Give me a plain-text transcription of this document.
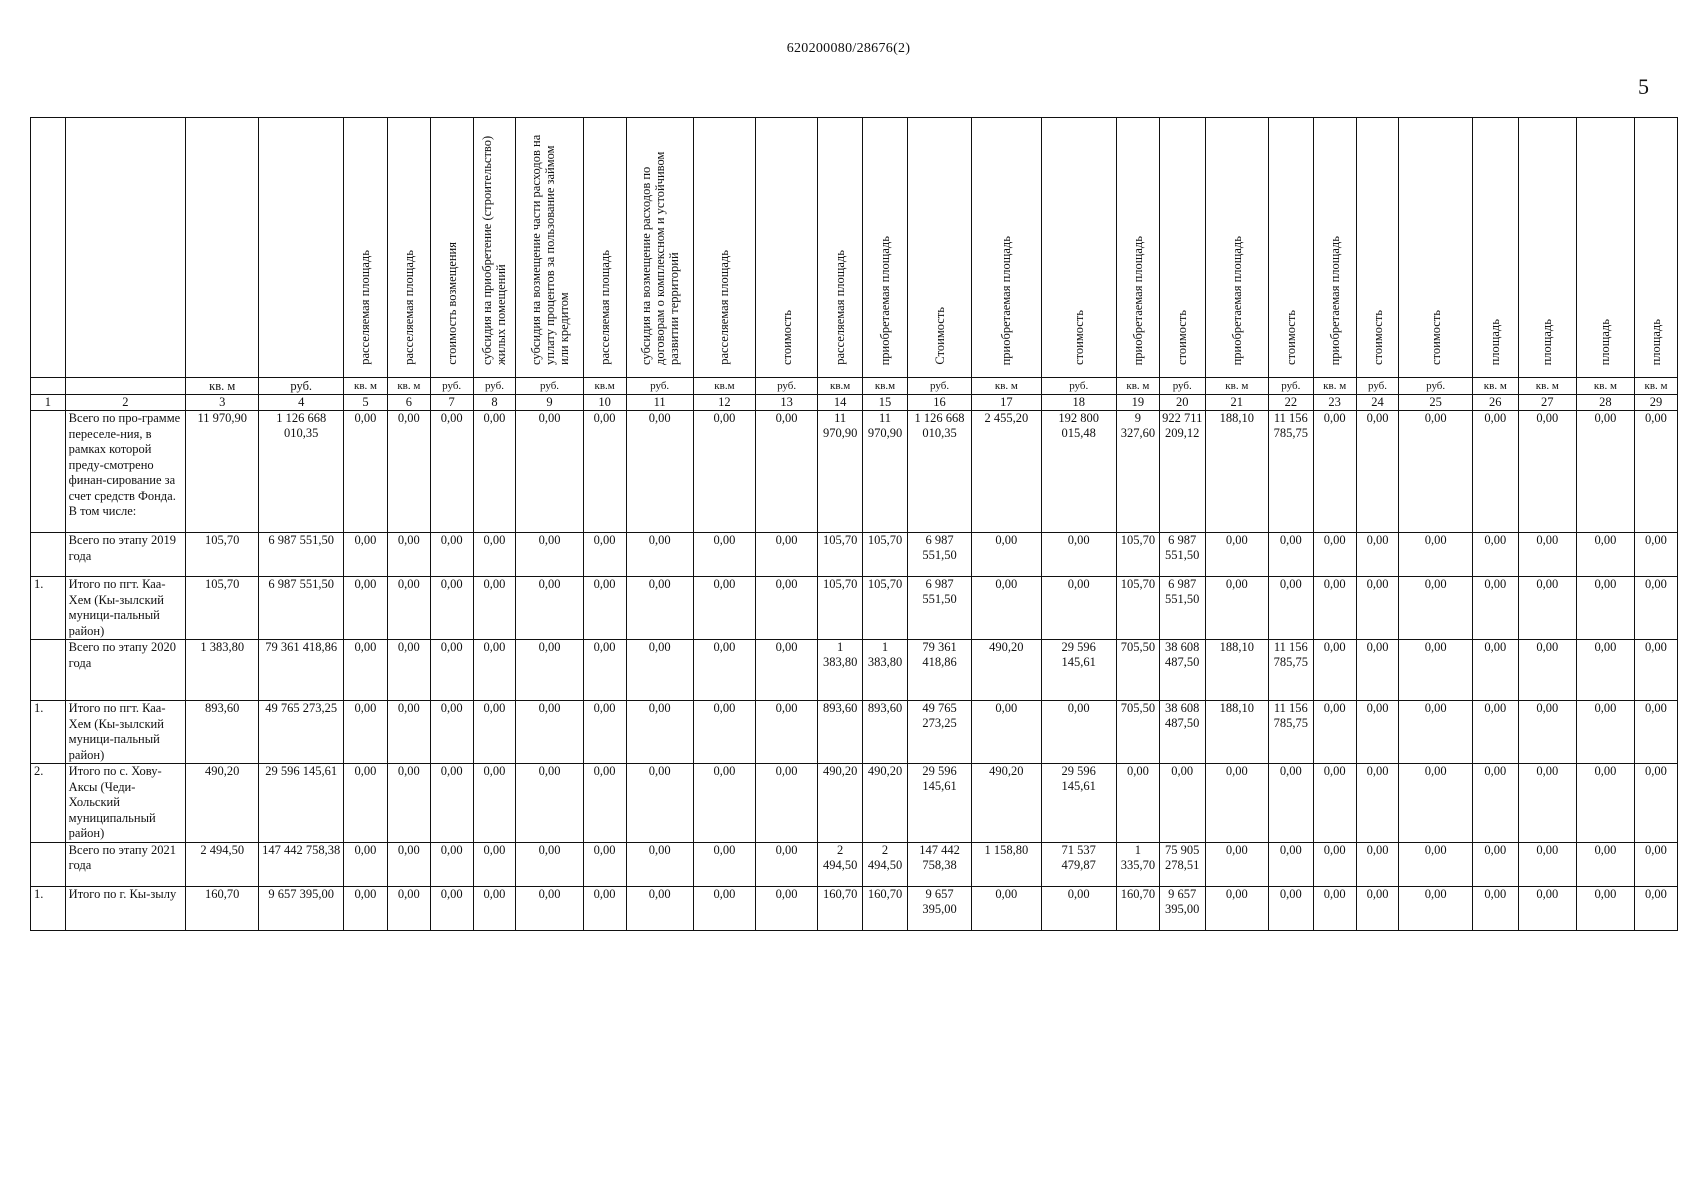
620200080/28676(2)
5
				расселяемая площадь	расселяемая площадь	стоимость возмещения	субсидия на приобретение (строительство) жилых помещений	субсидия на возмещение части расходов на уплату процентов за пользование займом или кредитом	расселяемая площадь	субсидия на возмещение расходов по договорам о комплексном и устойчивом развитии территорий	расселяемая площадь	стоимость	расселяемая площадь	приобретаемая площадь	Стоимость	приобретаемая площадь	стоимость	приобретаемая площадь	стоимость	приобретаемая площадь	стоимость	приобретаемая площадь	стоимость	стоимость	площадь	площадь	площадь	площадь
		кв. м	руб.	кв. м	кв. м	руб.	руб.	руб.	кв.м	руб.	кв.м	руб.	кв.м	кв.м	руб.	кв. м	руб.	кв. м	руб.	кв. м	руб.	кв. м	руб.	руб.	кв. м	кв. м	кв. м	кв. м
1	2	3	4	5	6	7	8	9	10	11	12	13	14	15	16	17	18	19	20	21	22	23	24	25	26	27	28	29
	Всего по про-грамме переселе-ния, в рамках которой преду-смотрено финан-сирование за счет средств Фонда. В том числе:	11 970,90	1 126 668 010,35	0,00	0,00	0,00	0,00	0,00	0,00	0,00	0,00	0,00	11 970,90	11 970,90	1 126 668 010,35	2 455,20	192 800 015,48	9 327,60	922 711 209,12	188,10	11 156 785,75	0,00	0,00	0,00	0,00	0,00	0,00	0,00
	Всего по этапу 2019 года	105,70	6 987 551,50	0,00	0,00	0,00	0,00	0,00	0,00	0,00	0,00	0,00	105,70	105,70	6 987 551,50	0,00	0,00	105,70	6 987 551,50	0,00	0,00	0,00	0,00	0,00	0,00	0,00	0,00	0,00
1.	Итого по пгт. Каа-Хем (Кы-зылский муници-пальный район)	105,70	6 987 551,50	0,00	0,00	0,00	0,00	0,00	0,00	0,00	0,00	0,00	105,70	105,70	6 987 551,50	0,00	0,00	105,70	6 987 551,50	0,00	0,00	0,00	0,00	0,00	0,00	0,00	0,00	0,00
	Всего по этапу 2020 года	1 383,80	79 361 418,86	0,00	0,00	0,00	0,00	0,00	0,00	0,00	0,00	0,00	1 383,80	1 383,80	79 361 418,86	490,20	29 596 145,61	705,50	38 608 487,50	188,10	11 156 785,75	0,00	0,00	0,00	0,00	0,00	0,00	0,00
1.	Итого по пгт. Каа-Хем (Кы-зылский муници-пальный район)	893,60	49 765 273,25	0,00	0,00	0,00	0,00	0,00	0,00	0,00	0,00	0,00	893,60	893,60	49 765 273,25	0,00	0,00	705,50	38 608 487,50	188,10	11 156 785,75	0,00	0,00	0,00	0,00	0,00	0,00	0,00
2.	Итого по с. Хову-Аксы (Чеди-Хольский муниципальный район)	490,20	29 596 145,61	0,00	0,00	0,00	0,00	0,00	0,00	0,00	0,00	0,00	490,20	490,20	29 596 145,61	490,20	29 596 145,61	0,00	0,00	0,00	0,00	0,00	0,00	0,00	0,00	0,00	0,00	0,00
	Всего по этапу 2021 года	2 494,50	147 442 758,38	0,00	0,00	0,00	0,00	0,00	0,00	0,00	0,00	0,00	2 494,50	2 494,50	147 442 758,38	1 158,80	71 537 479,87	1 335,70	75 905 278,51	0,00	0,00	0,00	0,00	0,00	0,00	0,00	0,00	0,00
1.	Итого по г. Кы-зылу	160,70	9 657 395,00	0,00	0,00	0,00	0,00	0,00	0,00	0,00	0,00	0,00	160,70	160,70	9 657 395,00	0,00	0,00	160,70	9 657 395,00	0,00	0,00	0,00	0,00	0,00	0,00	0,00	0,00	0,00
